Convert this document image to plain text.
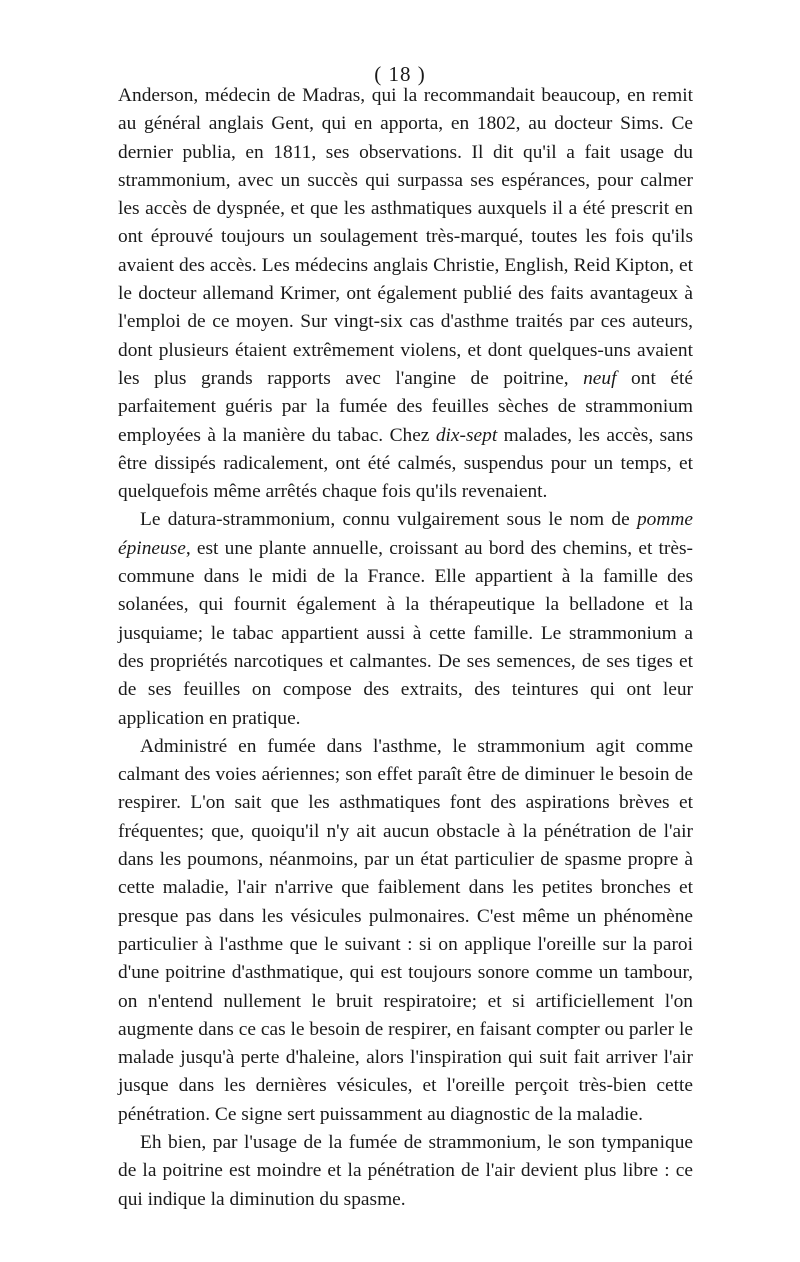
( 18 )

Anderson, médecin de Madras, qui la recommandait beaucoup, en remit au général anglais Gent, qui en apporta, en 1802, au docteur Sims. Ce dernier publia, en 1811, ses observations. Il dit qu'il a fait usage du strammonium, avec un succès qui surpassa ses espérances, pour calmer les accès de dyspnée, et que les asthmatiques auxquels il a été prescrit en ont éprouvé toujours un soulagement très-marqué, toutes les fois qu'ils avaient des accès. Les médecins anglais Christie, English, Reid Kipton, et le docteur allemand Krimer, ont également publié des faits avantageux à l'emploi de ce moyen. Sur vingt-six cas d'asthme traités par ces auteurs, dont plusieurs étaient extrêmement violens, et dont quelques-uns avaient les plus grands rapports avec l'angine de poitrine, neuf ont été parfaitement guéris par la fumée des feuilles sèches de strammonium employées à la manière du tabac. Chez dix-sept malades, les accès, sans être dissipés radicalement, ont été calmés, suspendus pour un temps, et quelquefois même arrêtés chaque fois qu'ils revenaient.

Le datura-strammonium, connu vulgairement sous le nom de pomme épineuse, est une plante annuelle, croissant au bord des chemins, et très-commune dans le midi de la France. Elle appartient à la famille des solanées, qui fournit également à la thérapeutique la belladone et la jusquiame; le tabac appartient aussi à cette famille. Le strammonium a des propriétés narcotiques et calmantes. De ses semences, de ses tiges et de ses feuilles on compose des extraits, des teintures qui ont leur application en pratique.

Administré en fumée dans l'asthme, le strammonium agit comme calmant des voies aériennes; son effet paraît être de diminuer le besoin de respirer. L'on sait que les asthmatiques font des aspirations brèves et fréquentes; que, quoiqu'il n'y ait aucun obstacle à la pénétration de l'air dans les poumons, néanmoins, par un état particulier de spasme propre à cette maladie, l'air n'arrive que faiblement dans les petites bronches et presque pas dans les vésicules pulmonaires. C'est même un phénomène particulier à l'asthme que le suivant : si on applique l'oreille sur la paroi d'une poitrine d'asthmatique, qui est toujours sonore comme un tambour, on n'entend nullement le bruit respiratoire; et si artificiellement l'on augmente dans ce cas le besoin de respirer, en faisant compter ou parler le malade jusqu'à perte d'haleine, alors l'inspiration qui suit fait arriver l'air jusque dans les dernières vésicules, et l'oreille perçoit très-bien cette pénétration. Ce signe sert puissamment au diagnostic de la maladie.

Eh bien, par l'usage de la fumée de strammonium, le son tympanique de la poitrine est moindre et la pénétration de l'air devient plus libre : ce qui indique la diminution du spasme.
